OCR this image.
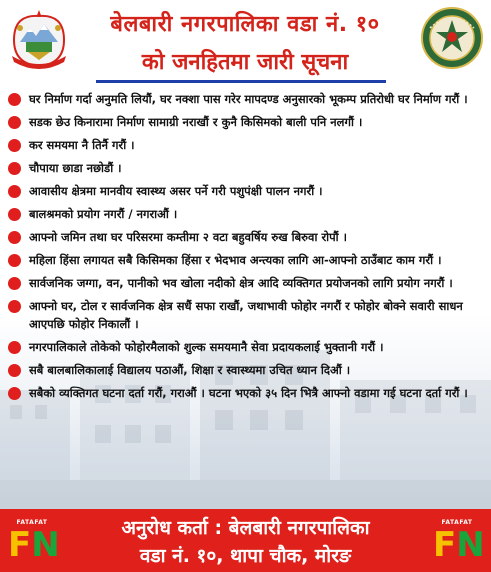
बेलबारी नगरपालिका वडा नं. १०
को जनहितमा जारी सूचना
घर निर्माण गर्दा अनुमति लियौं, घर नक्शा पास गरेर मापदण्ड अनुसारको भूकम्प प्रतिरोधी घर निर्माण गरौं ।
सडक छेउ किनारामा निर्माण सामाग्री नराखौं र कुनै किसिमको बाली पनि नलगौं ।
कर समयमा नै तिर्नै गरौं ।
चौपाया छाडा नछोडौं ।
आवासीय क्षेत्रमा मानवीय स्वास्थ्य असर पर्ने गरी पशुपंक्षी पालन नगरौं ।
बालश्रमको प्रयोग नगरौं / नगराऔं ।
आफ्नो जमिन तथा घर परिसरमा कम्तीमा २ वटा बहुवर्षिय रुख बिरुवा रोपौं ।
महिला हिंसा लगायत सबै किसिमका हिंसा र भेदभाव अन्त्यका लागि आ-आफ्नो ठाउँबाट काम गरौं ।
सार्वजनिक जग्गा, वन, पानीको भव खोला नदीको क्षेत्र आदि व्यक्तिगत प्रयोजनको लागि प्रयोग नगरौं ।
आफ्नो घर, टोल र सार्वजनिक क्षेत्र सधैं सफा राखौं, जथाभावी फोहोर नगरौं र फोहोर बोक्ने सवारी साधन आएपछि फोहोर निकालौं ।
नगरपालिकाले तोकेको फोहोरमैलाको शुल्क समयमानै सेवा प्रदायकलाई भुक्तानी गरौं ।
सबै बालबालिकालाई विद्यालय पठाऔं, शिक्षा र स्वास्थ्यमा उचित ध्यान दिऔं ।
सबैको व्यक्तिगत घटना दर्ता गरौं, गराऔं । घटना भएको ३५ दिन भित्रै आफ्नो वडामा गई घटना दर्ता गरौं ।
FATAFAT
FN	अनुरोध कर्ता : बेलबारी नगरपालिका
वडा नं. १०, थापा चौक, मोरङ
FATAFAT
FN
